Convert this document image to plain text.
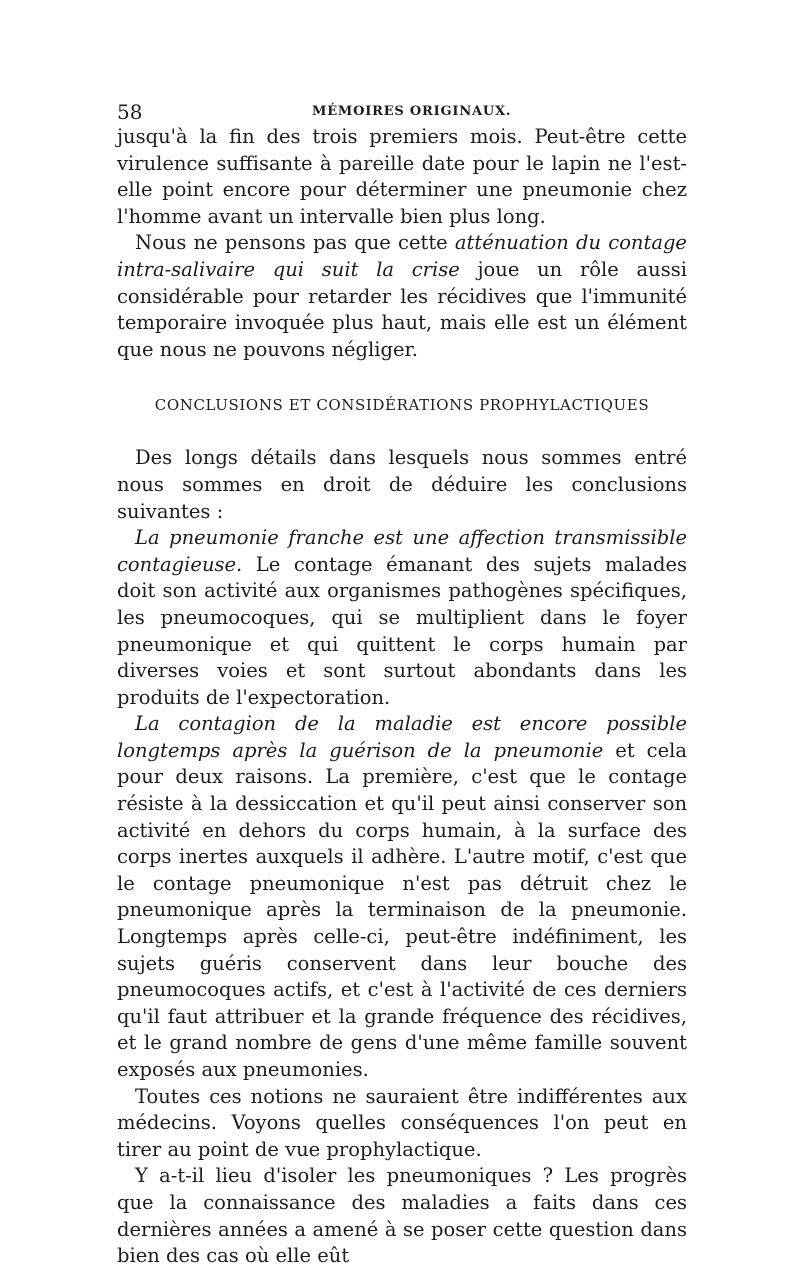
58	MÉMOIRES ORIGINAUX.

jusqu'à la fin des trois premiers mois. Peut-être cette virulence suffisante à pareille date pour le lapin ne l'est-elle point encore pour déterminer une pneumonie chez l'homme avant un intervalle bien plus long.

Nous ne pensons pas que cette atténuation du contage intra-salivaire qui suit la crise joue un rôle aussi considérable pour retarder les récidives que l'immunité temporaire invoquée plus haut, mais elle est un élément que nous ne pouvons négliger.

CONCLUSIONS ET CONSIDÉRATIONS PROPHYLACTIQUES

Des longs détails dans lesquels nous sommes entré nous sommes en droit de déduire les conclusions suivantes :

La pneumonie franche est une affection transmissible contagieuse. Le contage émanant des sujets malades doit son activité aux organismes pathogènes spécifiques, les pneumocoques, qui se multiplient dans le foyer pneumonique et qui quittent le corps humain par diverses voies et sont surtout abondants dans les produits de l'expectoration.

La contagion de la maladie est encore possible longtemps après la guérison de la pneumonie et cela pour deux raisons. La première, c'est que le contage résiste à la dessiccation et qu'il peut ainsi conserver son activité en dehors du corps humain, à la surface des corps inertes auxquels il adhère. L'autre motif, c'est que le contage pneumonique n'est pas détruit chez le pneumonique après la terminaison de la pneumonie. Longtemps après celle-ci, peut-être indéfiniment, les sujets guéris conservent dans leur bouche des pneumocoques actifs, et c'est à l'activité de ces derniers qu'il faut attribuer et la grande fréquence des récidives, et le grand nombre de gens d'une même famille souvent exposés aux pneumonies.

Toutes ces notions ne sauraient être indifférentes aux médecins. Voyons quelles conséquences l'on peut en tirer au point de vue prophylactique.

Y a-t-il lieu d'isoler les pneumoniques ? Les progrès que la connaissance des maladies a faits dans ces dernières années a amené à se poser cette question dans bien des cas où elle eût
